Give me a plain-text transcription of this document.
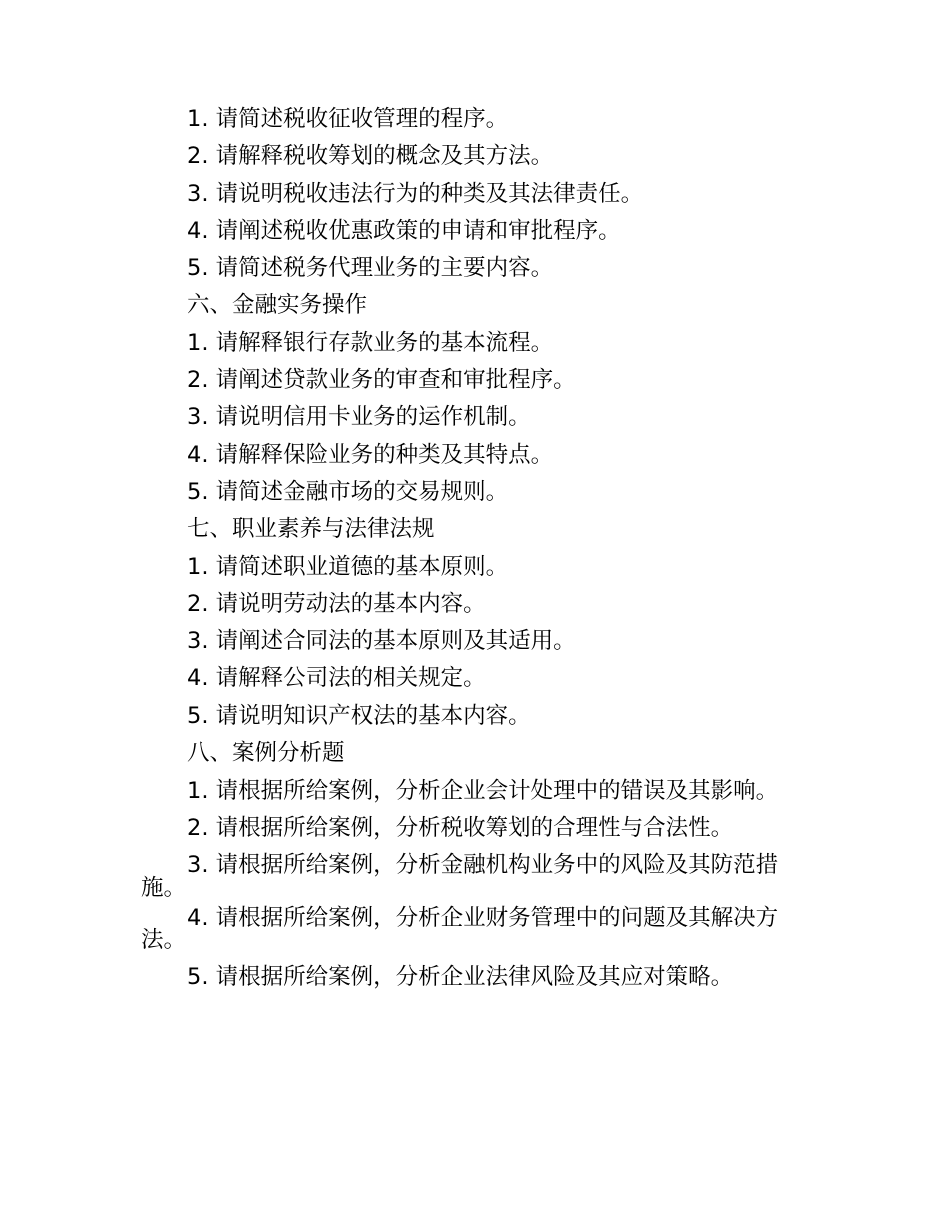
1. 请简述税收征收管理的程序。
2. 请解释税收筹划的概念及其方法。
3. 请说明税收违法行为的种类及其法律责任。
4. 请阐述税收优惠政策的申请和审批程序。
5. 请简述税务代理业务的主要内容。
六、金融实务操作
1. 请解释银行存款业务的基本流程。
2. 请阐述贷款业务的审查和审批程序。
3. 请说明信用卡业务的运作机制。
4. 请解释保险业务的种类及其特点。
5. 请简述金融市场的交易规则。
七、职业素养与法律法规
1. 请简述职业道德的基本原则。
2. 请说明劳动法的基本内容。
3. 请阐述合同法的基本原则及其适用。
4. 请解释公司法的相关规定。
5. 请说明知识产权法的基本内容。
八、案例分析题
1. 请根据所给案例，分析企业会计处理中的错误及其影响。
2. 请根据所给案例，分析税收筹划的合理性与合法性。
3. 请根据所给案例，分析金融机构业务中的风险及其防范措施。
4. 请根据所给案例，分析企业财务管理中的问题及其解决方法。
5. 请根据所给案例，分析企业法律风险及其应对策略。
